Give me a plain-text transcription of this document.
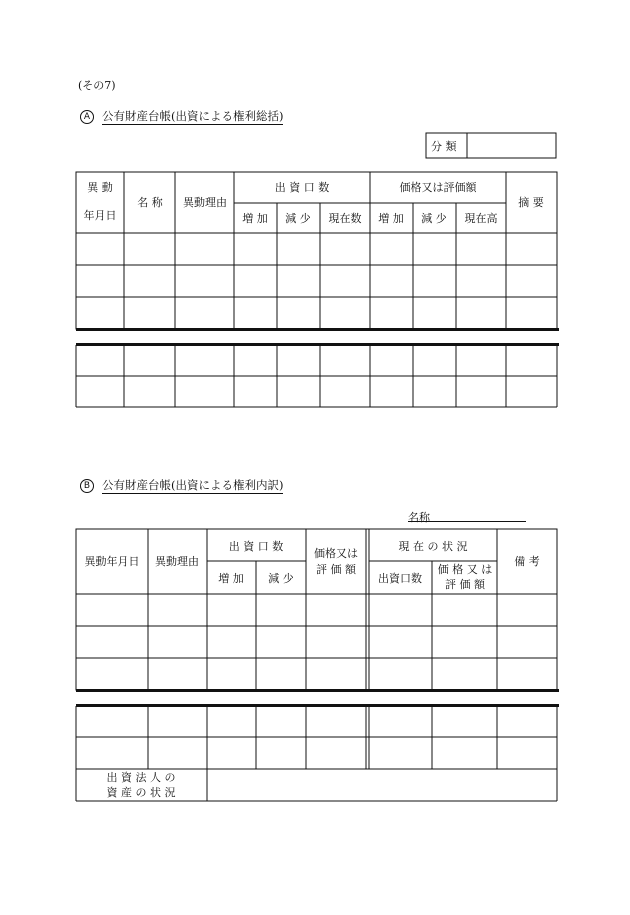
(その7)
A 公有財産台帳(出資による権利総括)
分 類
異 動
年月日
名 称 異動理由
出 資 口 数	価格又は評価額
摘 要
増 加 減 少 現在数 増 加 減 少 現在高
B 公有財産台帳(出資による権利内訳)
名称
異動年月日 異動理由
出 資 口 数
増 加 減 少
価格又は
評 価 額
現 在 の 状 況
出資口数
価 格 又 は
評 価 額
備 考
出 資 法 人 の
資 産 の 状 況
